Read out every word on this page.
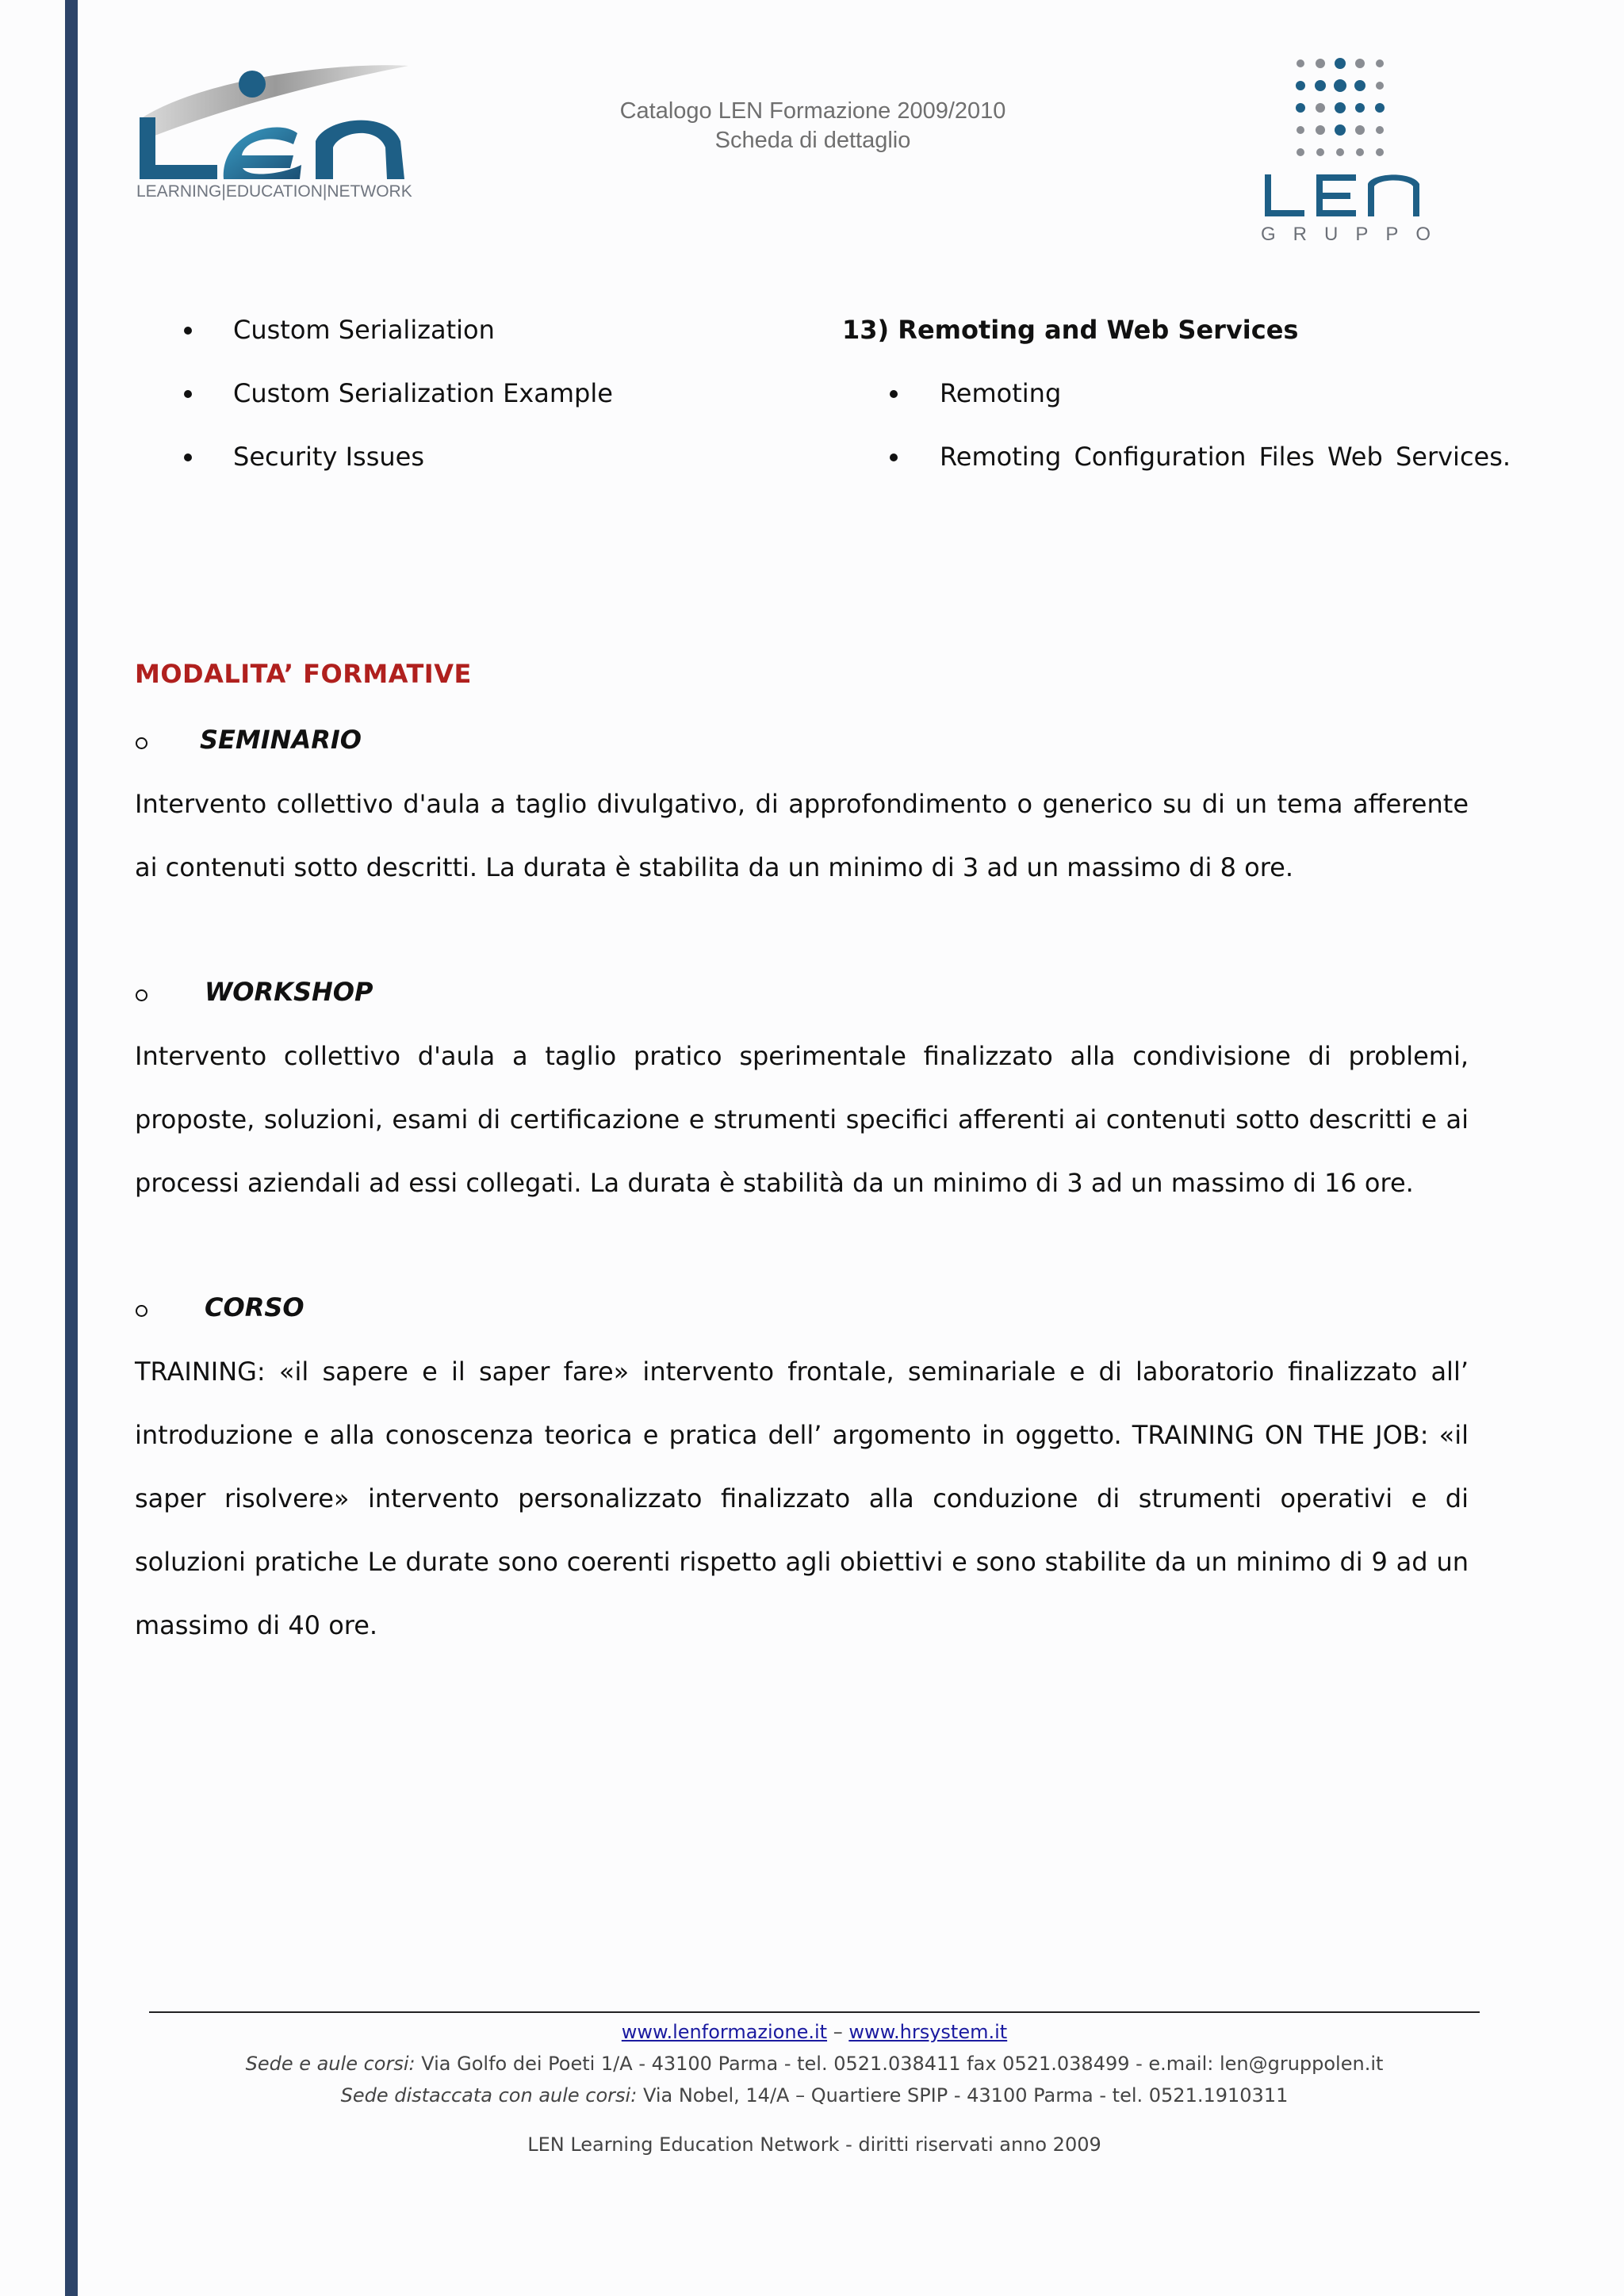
LEARNING|EDUCATION|NETWORK
Catalogo LEN Formazione 2009/2010
Scheda di dettaglio
GRUPPO
Custom Serialization
Custom Serialization Example
Security Issues
13) Remoting and Web Services
Remoting
Remoting Configuration Files Web Services.
MODALITA’ FORMATIVE
SEMINARIO
Intervento collettivo d'aula a taglio divulgativo, di approfondimento o generico su di un tema afferente ai contenuti sotto descritti. La durata è stabilita da un minimo di 3 ad un massimo di 8 ore.
WORKSHOP
Intervento collettivo d'aula a taglio pratico sperimentale finalizzato alla condivisione di problemi, proposte, soluzioni, esami di certificazione e strumenti specifici afferenti ai contenuti sotto descritti e ai processi aziendali ad essi collegati. La durata è stabilità da un minimo di 3 ad un massimo di 16 ore.
CORSO
TRAINING: «il sapere e il saper fare» intervento frontale, seminariale e di laboratorio finalizzato all’ introduzione e alla conoscenza teorica e pratica dell’ argomento in oggetto. TRAINING ON THE JOB: «il saper risolvere» intervento personalizzato finalizzato alla conduzione di strumenti operativi e di soluzioni pratiche Le durate sono coerenti rispetto agli obiettivi e sono stabilite da un minimo di 9 ad un massimo di 40 ore.
www.lenformazione.it – www.hrsystem.it
Sede e aule corsi: Via Golfo dei Poeti 1/A - 43100 Parma - tel. 0521.038411 fax 0521.038499 - e.mail: len@gruppolen.it
Sede distaccata con aule corsi: Via Nobel, 14/A – Quartiere SPIP - 43100 Parma - tel. 0521.1910311
LEN Learning Education Network - diritti riservati anno 2009
